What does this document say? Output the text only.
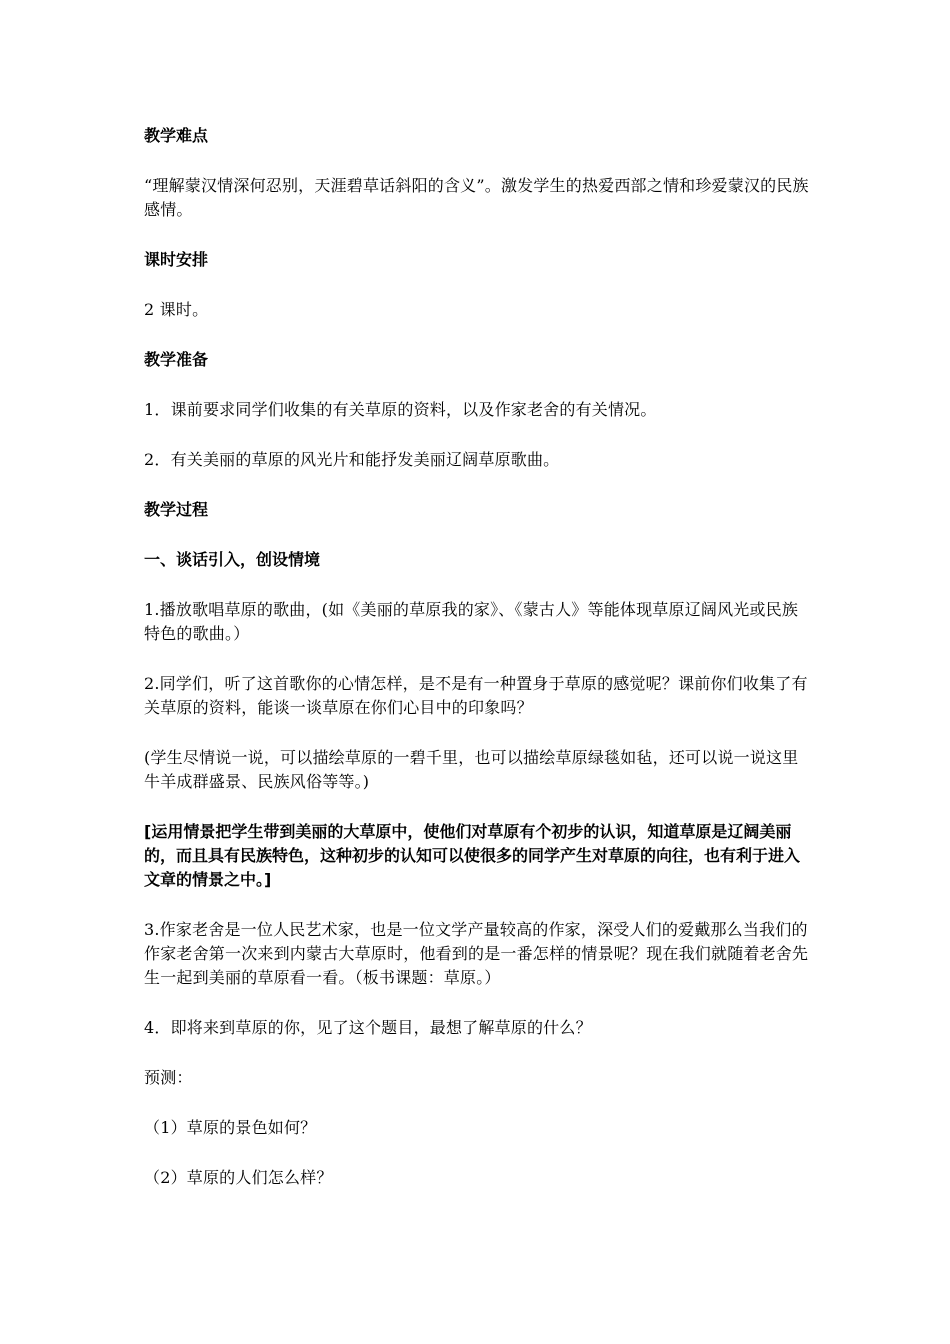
教学难点
“理解蒙汉情深何忍别，天涯碧草话斜阳的含义”。激发学生的热爱西部之情和珍爱蒙汉的民族感情。
课时安排
2 课时。
教学准备
1．课前要求同学们收集的有关草原的资料，以及作家老舍的有关情况。
2．有关美丽的草原的风光片和能抒发美丽辽阔草原歌曲。
教学过程
一、谈话引入，创设情境
1.播放歌唱草原的歌曲，(如《美丽的草原我的家》、《蒙古人》等能体现草原辽阔风光或民族特色的歌曲。）
2.同学们，听了这首歌你的心情怎样，是不是有一种置身于草原的感觉呢？课前你们收集了有关草原的资料，能谈一谈草原在你们心目中的印象吗？
(学生尽情说一说，可以描绘草原的一碧千里，也可以描绘草原绿毯如毡，还可以说一说这里牛羊成群盛景、民族风俗等等。)
[运用情景把学生带到美丽的大草原中，使他们对草原有个初步的认识，知道草原是辽阔美丽的，而且具有民族特色，这种初步的认知可以使很多的同学产生对草原的向往，也有利于进入文章的情景之中。]
3.作家老舍是一位人民艺术家，也是一位文学产量较高的作家，深受人们的爱戴那么当我们的作家老舍第一次来到内蒙古大草原时，他看到的是一番怎样的情景呢？现在我们就随着老舍先生一起到美丽的草原看一看。（板书课题：草原。）
4．即将来到草原的你，见了这个题目，最想了解草原的什么？
预测：
（1）草原的景色如何？
（2）草原的人们怎么样？
